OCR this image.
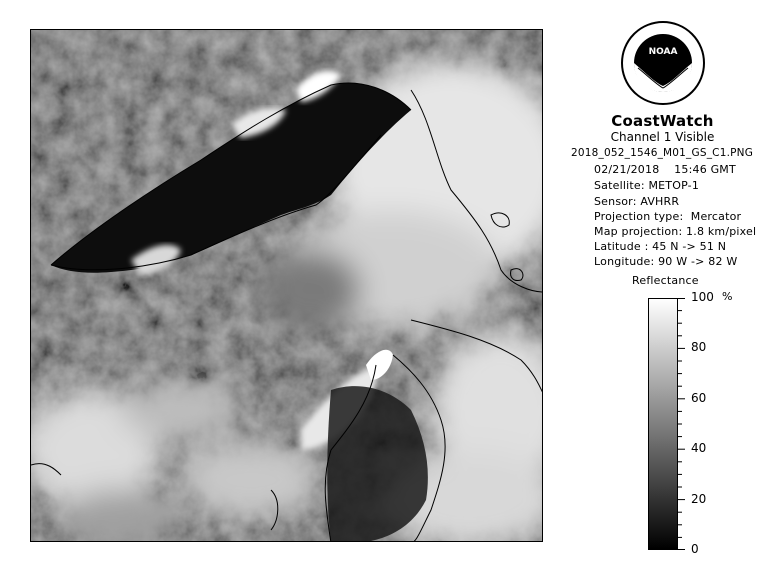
NOAA
CoastWatch
Channel 1 Visible
2018_052_1546_M01_GS_C1.PNG
02/21/2018    15:46 GMT
Satellite: METOP-1
Sensor: AVHRR
Projection type:  Mercator
Map projection: 1.8 km/pixel
Latitude : 45 N -> 51 N
Longitude: 90 W -> 82 W
Reflectance
%
100
80
60
40
20
0
